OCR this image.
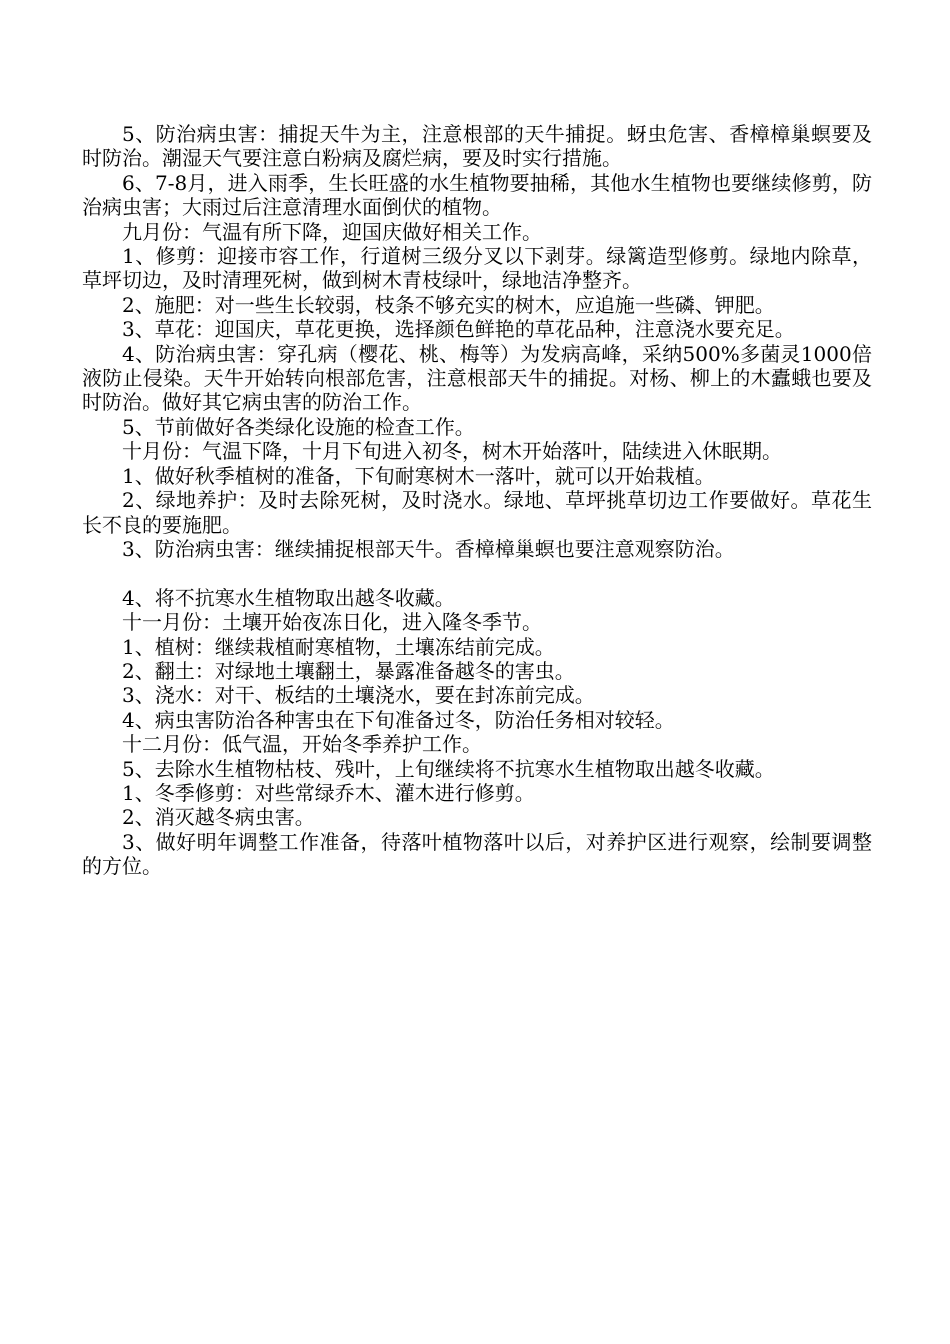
5、防治病虫害：捕捉天牛为主，注意根部的天牛捕捉。蚜虫危害、香樟樟巢螟要及时防治。潮湿天气要注意白粉病及腐烂病，要及时实行措施。

6、7-8月，进入雨季，生长旺盛的水生植物要抽稀，其他水生植物也要继续修剪，防治病虫害；大雨过后注意清理水面倒伏的植物。

九月份：气温有所下降，迎国庆做好相关工作。

1、修剪：迎接市容工作，行道树三级分叉以下剥芽。绿篱造型修剪。绿地内除草，草坪切边，及时清理死树，做到树木青枝绿叶，绿地洁净整齐。

2、施肥：对一些生长较弱，枝条不够充实的树木，应追施一些磷、钾肥。

3、草花：迎国庆，草花更换，选择颜色鲜艳的草花品种，注意浇水要充足。

4、防治病虫害：穿孔病（樱花、桃、梅等）为发病高峰，采纳500%多菌灵1000倍液防止侵染。天牛开始转向根部危害，注意根部天牛的捕捉。对杨、柳上的木蠹蛾也要及时防治。做好其它病虫害的防治工作。

5、节前做好各类绿化设施的检查工作。

十月份：气温下降，十月下旬进入初冬，树木开始落叶，陆续进入休眠期。

1、做好秋季植树的准备，下旬耐寒树木一落叶，就可以开始栽植。

2、绿地养护：及时去除死树，及时浇水。绿地、草坪挑草切边工作要做好。草花生长不良的要施肥。

3、防治病虫害：继续捕捉根部天牛。香樟樟巢螟也要注意观察防治。

4、将不抗寒水生植物取出越冬收藏。

十一月份：土壤开始夜冻日化，进入隆冬季节。

1、植树：继续栽植耐寒植物，土壤冻结前完成。

2、翻土：对绿地土壤翻土，暴露准备越冬的害虫。

3、浇水：对干、板结的土壤浇水，要在封冻前完成。

4、病虫害防治各种害虫在下旬准备过冬，防治任务相对较轻。

十二月份：低气温，开始冬季养护工作。

5、去除水生植物枯枝、残叶，上旬继续将不抗寒水生植物取出越冬收藏。

1、冬季修剪：对些常绿乔木、灌木进行修剪。

2、消灭越冬病虫害。

3、做好明年调整工作准备，待落叶植物落叶以后，对养护区进行观察，绘制要调整的方位。
